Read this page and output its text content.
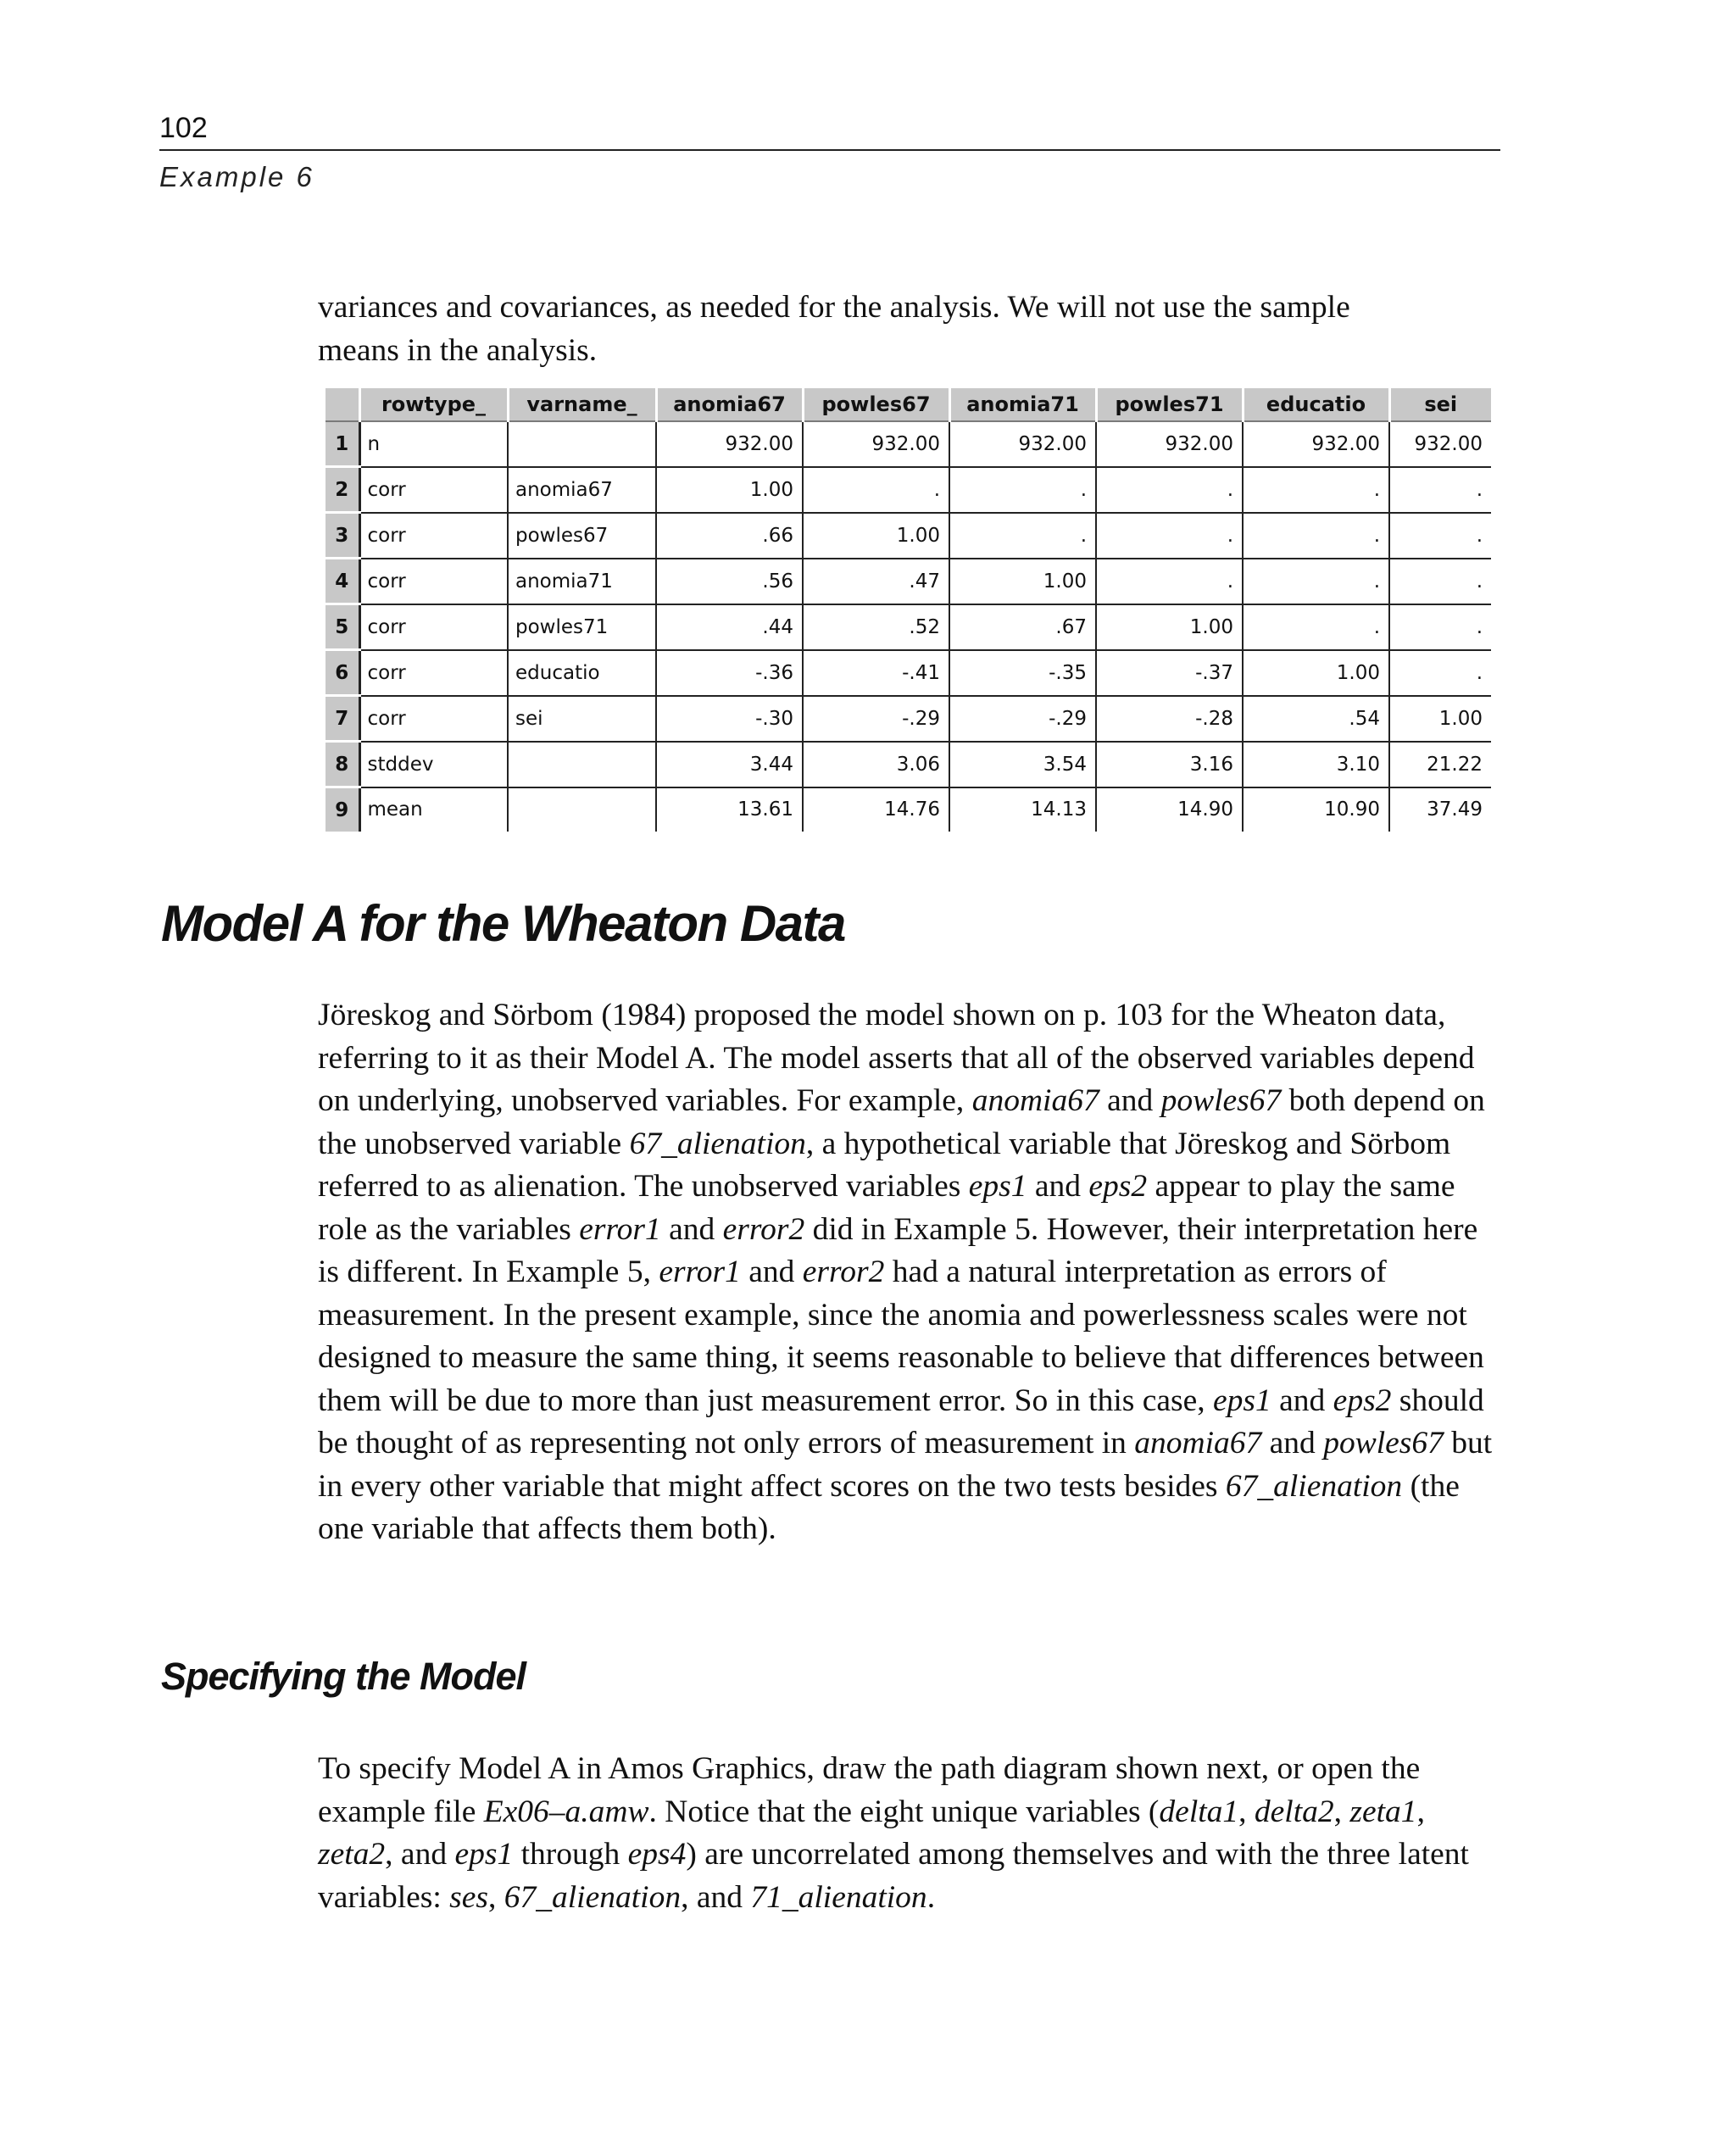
102
Example 6

variances and covariances, as needed for the analysis. We will not use the sample
means in the analysis.

	rowtype_	varname_	anomia67	powles67	anomia71	powles71	educatio	sei
1	n		932.00	932.00	932.00	932.00	932.00	932.00
2	corr	anomia67	1.00	.	.	.	.	.
3	corr	powles67	.66	1.00	.	.	.	.
4	corr	anomia71	.56	.47	1.00	.	.	.
5	corr	powles71	.44	.52	.67	1.00	.	.
6	corr	educatio	-.36	-.41	-.35	-.37	1.00	.
7	corr	sei	-.30	-.29	-.29	-.28	.54	1.00
8	stddev		3.44	3.06	3.54	3.16	3.10	21.22
9	mean		13.61	14.76	14.13	14.90	10.90	37.49
Model A for the Wheaton Data

Jöreskog and Sörbom (1984) proposed the model shown on p. 103 for the Wheaton data, referring to it as their Model A. The model asserts that all of the observed variables depend on underlying, unobserved variables. For example, anomia67 and powles67 both depend on the unobserved variable 67_alienation, a hypothetical variable that Jöreskog and Sörbom referred to as alienation. The unobserved variables eps1 and eps2 appear to play the same role as the variables error1 and error2 did in Example 5. However, their interpretation here is different. In Example 5, error1 and error2 had a natural interpretation as errors of measurement. In the present example, since the anomia and powerlessness scales were not designed to measure the same thing, it seems reasonable to believe that differences between them will be due to more than just measurement error. So in this case, eps1 and eps2 should be thought of as representing not only errors of measurement in anomia67 and powles67 but in every other variable that might affect scores on the two tests besides 67_alienation (the one variable that affects them both).

Specifying the Model

To specify Model A in Amos Graphics, draw the path diagram shown next, or open the example file Ex06–a.amw. Notice that the eight unique variables (delta1, delta2, zeta1, zeta2, and eps1 through eps4) are uncorrelated among themselves and with the three latent variables: ses, 67_alienation, and 71_alienation.
